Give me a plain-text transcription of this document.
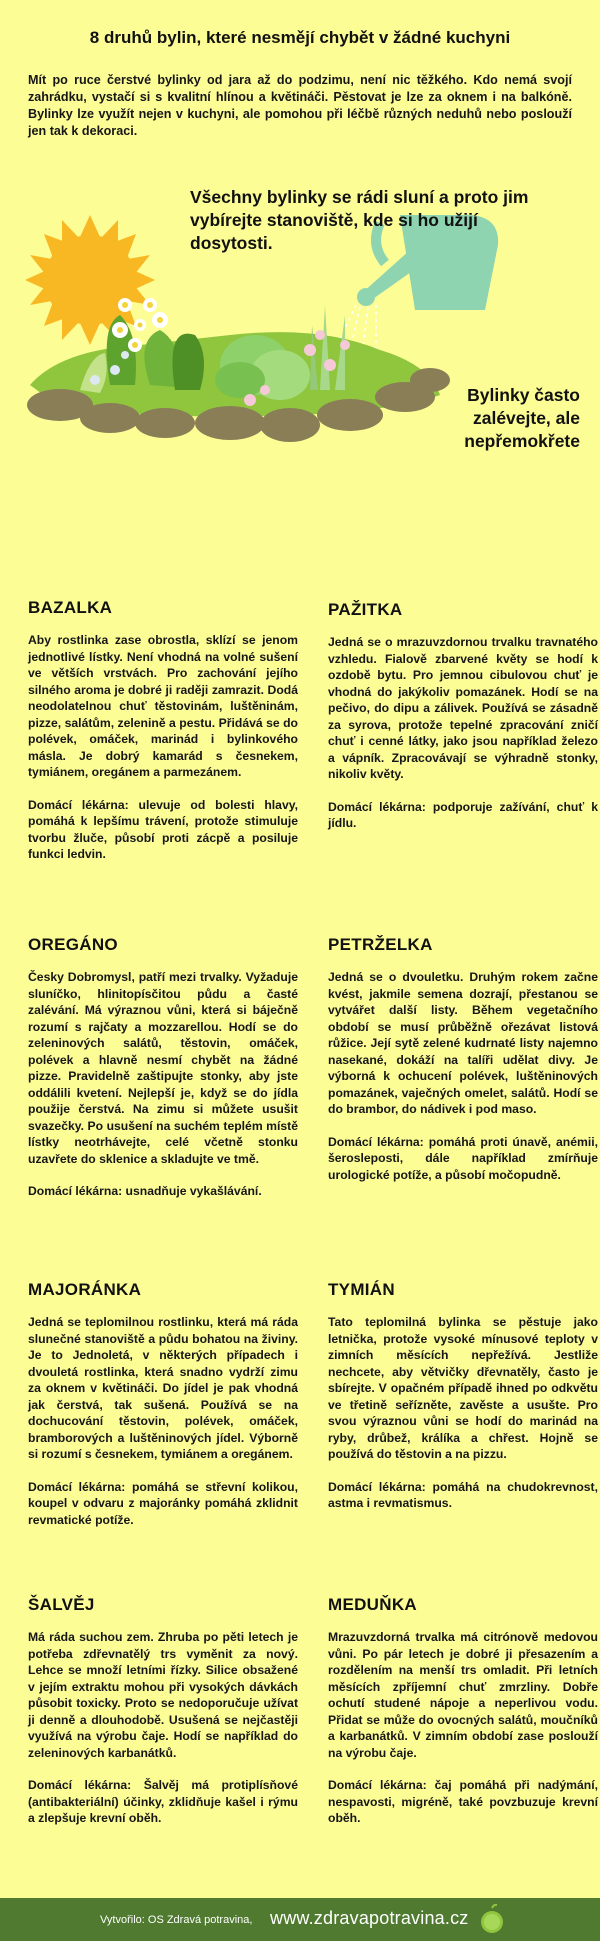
8 druhů bylin, které nesmějí chybět v žádné kuchyni
Mít po ruce čerstvé bylinky od jara až do podzimu, není nic těžkého. Kdo nemá svojí zahrádku, vystačí si s kvalitní hlínou a květináči. Pěstovat je lze za oknem i na balkóně. Bylinky lze využít nejen v kuchyni, ale pomohou při léčbě různých neduhů nebo poslouží jen tak k dekoraci.
Všechny bylinky se rádi sluní a proto jim vybírejte stanoviště, kde si ho užijí dosytosti.
Bylinky často zalévejte, ale nepřemokřete
BAZALKA

Aby rostlinka zase obrostla, sklízí se jenom jednotlivé lístky. Není vhodná na volné sušení ve větších vrstvách. Pro zachování jejího silného aroma je dobré ji raději zamrazit. Dodá neodolatelnou chuť těstovinám, luštěninám, pizze, salátům, zelenině a pestu. Přidává se do polévek, omáček, marinád i bylinkového másla. Je dobrý kamarád s česnekem, tymiánem, oregánem a parmezánem.

Domácí lékárna: ulevuje od bolesti hlavy, pomáhá k lepšímu trávení, protože stimuluje tvorbu žluče, působí proti zácpě a posiluje funkci ledvin.

PAŽITKA

Jedná se o mrazuvzdornou trvalku travnatého vzhledu. Fialově zbarvené květy se hodí k ozdobě bytu. Pro jemnou cibulovou chuť je vhodná do jakýkoliv pomazánek. Hodí se na pečivo, do dipu a zálivek. Používá se zásadně za syrova, protože tepelné zpracování zničí chuť i cenné látky, jako jsou například železo a vápník. Zpracovávají se výhradně stonky, nikoliv květy.

Domácí lékárna: podporuje zažívání, chuť k jídlu.

OREGÁNO

Česky Dobromysl, patří mezi trvalky. Vyžaduje sluníčko, hlinitopísčitou půdu a časté zalévání. Má výraznou vůni, která si báječně rozumí s rajčaty a mozzarellou. Hodí se do zeleninových salátů, těstovin, omáček, polévek a hlavně nesmí chybět na žádné pizze. Pravidelně zaštipujte stonky, aby jste oddálili kvetení. Nejlepší je, když se do jídla použije čerstvá. Na zimu si můžete usušit svazečky. Po usušení na suchém teplém místě lístky neotrhávejte, celé včetně stonku uzavřete do sklenice a skladujte ve tmě.

Domácí lékárna: usnadňuje vykašlávání.

PETRŽELKA

Jedná se o dvouletku. Druhým rokem začne kvést, jakmile semena dozrají, přestanou se vytvářet další listy. Během vegetačního období se musí průběžně ořezávat listová růžice. Její sytě zelené kudrnaté listy najemno nasekané, dokáží na talíři udělat divy. Je výborná k ochucení polévek, luštěninových pomazánek, vaječných omelet, salátů. Hodí se do brambor, do nádivek i pod maso.

Domácí lékárna: pomáhá proti únavě, anémii, šerosleposti, dále například zmírňuje urologické potíže, a působí močopudně.

MAJORÁNKA

Jedná se teplomilnou rostlinku, která má ráda slunečné stanoviště a půdu bohatou na živiny. Je to Jednoletá, v některých případech i dvouletá rostlinka, která snadno vydrží zimu za oknem v květináči. Do jídel je pak vhodná jak čerstvá, tak sušená. Používá se na dochucování těstovin, polévek, omáček, bramborových a luštěninových jídel. Výborně si rozumí s česnekem, tymiánem a oregánem.

Domácí lékárna: pomáhá se střevní kolikou, koupel v odvaru z majoránky pomáhá zklidnit revmatické potíže.

TYMIÁN

Tato teplomilná bylinka se pěstuje jako letnička, protože vysoké mínusové teploty v zimních měsících nepřežívá. Jestliže nechcete, aby větvičky dřevnatěly, často je sbírejte. V opačném případě ihned po odkvětu ve třetině seřízněte, zavěste a usušte. Pro svou výraznou vůni se hodí do marinád na ryby, drůbež, králíka a chřest. Hojně se používá do těstovin a na pizzu.

Domácí lékárna: pomáhá na chudokrevnost, astma i revmatismus.

ŠALVĚJ

Má ráda suchou zem. Zhruba po pěti letech je potřeba zdřevnatělý trs vyměnit za nový. Lehce se množí letními řízky. Silice obsažené v jejím extraktu mohou při vysokých dávkách působit toxicky. Proto se nedoporučuje užívat ji denně a dlouhodobě. Usušená se nejčastěji využívá na výrobu čaje. Hodí se například do zeleninových karbanátků.

Domácí lékárna: Šalvěj má protiplísňové (antibakteriální) účinky, zklidňuje kašel i rýmu a zlepšuje krevní oběh.

MEDUŇKA

Mrazuvzdorná trvalka má citrónově medovou vůni. Po pár letech je dobré ji přesazením a rozdělením na menší trs omladit. Při letních měsících zpříjemní chuť zmrzliny. Dobře ochutí studené nápoje a neperlivou vodu. Přidat se může do ovocných salátů, moučníků a karbanátků. V zimním období zase poslouží na výrobu čaje.

Domácí lékárna: čaj pomáhá při nadýmání, nespavosti, migréně, také povzbuzuje krevní oběh.

Vytvořilo: OS Zdravá potravina, www.zdravapotravina.cz
